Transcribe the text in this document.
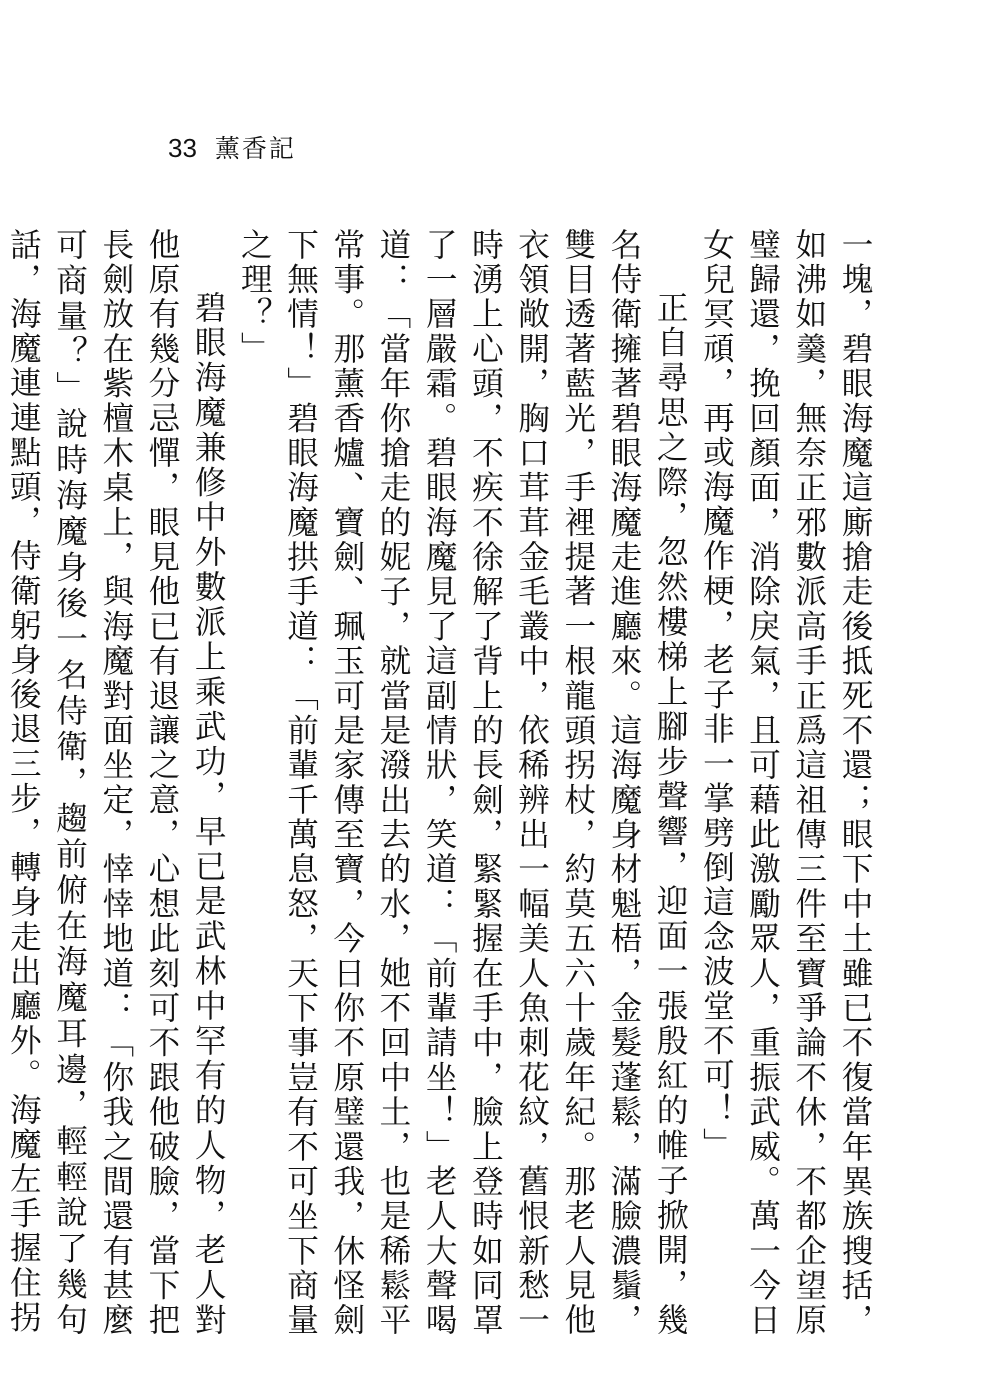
33 薰香記

一塊，碧眼海魔這廝搶走後抵死不還；眼下中土雖已不復當年異族搜括，如沸如羹，無奈正邪數派高手正爲這祖傳三件至寶爭論不休，不都企望原璧歸還，挽回顏面，消除戾氣，且可藉此激勵眾人，重振武威。萬一今日女兒冥頑，再或海魔作梗，老子非一掌劈倒這念波堂不可！」

正自尋思之際，忽然樓梯上腳步聲響，迎面一張殷紅的帷子掀開，幾名侍衛擁著碧眼海魔走進廳來。這海魔身材魁梧，金髮蓬鬆，滿臉濃鬚，雙目透著藍光，手裡提著一根龍頭拐杖，約莫五六十歲年紀。那老人見他衣領敞開，胸口茸茸金毛叢中，依稀辨出一幅美人魚刺花紋，舊恨新愁一時湧上心頭，不疾不徐解了背上的長劍，緊緊握在手中，臉上登時如同罩了一層嚴霜。碧眼海魔見了這副情狀，笑道：「前輩請坐！」老人大聲喝道：「當年你搶走的妮子，就當是潑出去的水，她不回中土，也是稀鬆平常事。那薰香爐、寶劍、珮玉可是家傳至寶，今日你不原璧還我，休怪劍下無情！」碧眼海魔拱手道：「前輩千萬息怒，天下事豈有不可坐下商量之理？」

碧眼海魔兼修中外數派上乘武功，早已是武林中罕有的人物，老人對他原有幾分忌憚，眼見他已有退讓之意，心想此刻可不跟他破臉，當下把長劍放在紫檀木桌上，與海魔對面坐定，悻悻地道：「你我之間還有甚麼可商量？」說時海魔身後一名侍衛，趨前俯在海魔耳邊，輕輕說了幾句話，海魔連連點頭，侍衛躬身後退三步，轉身走出廳外。海魔左手握住拐
